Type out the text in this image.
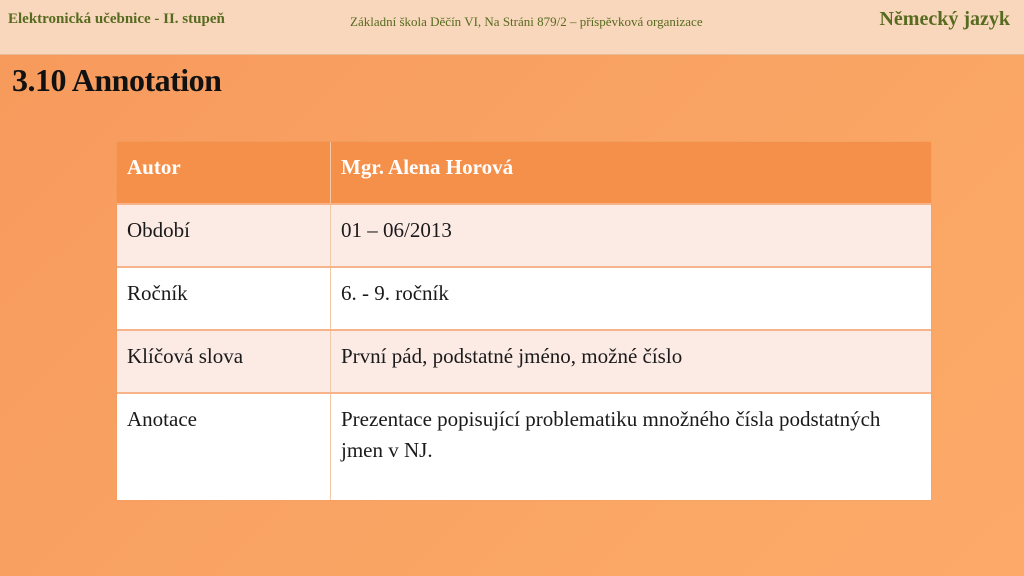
Elektronická učebnice - II. stupeň	Základní škola Děčín VI, Na Stráni 879/2 – příspěvková organizace	Německý jazyk
3.10 Annotation
Autor	Mgr. Alena Horová
Období	01 – 06/2013
Ročník	6. - 9. ročník
Klíčová slova	První pád, podstatné jméno, možné číslo
Anotace	Prezentace popisující problematiku množného čísla podstatných jmen v NJ.
